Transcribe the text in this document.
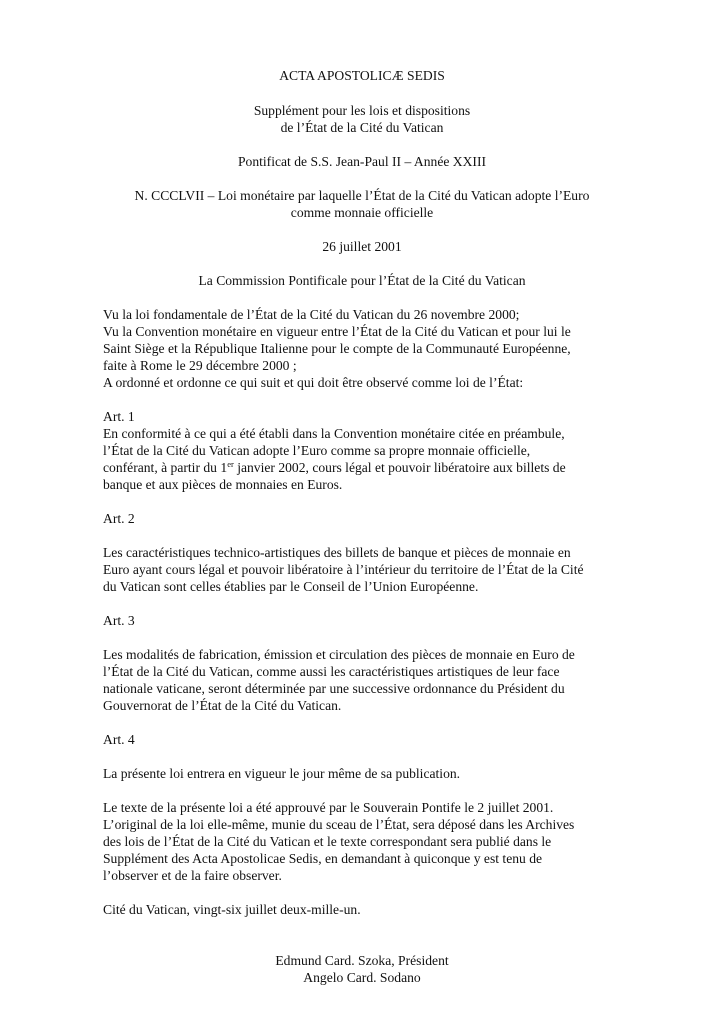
ACTA APOSTOLICÆ SEDIS
Supplément pour les lois et dispositions
de l’État de la Cité du Vatican
Pontificat de S.S. Jean-Paul II – Année XXIII
N. CCCLVII – Loi monétaire par laquelle l’État de la Cité du Vatican adopte l’Euro
comme monnaie officielle
26 juillet 2001
La Commission Pontificale pour l’État de la Cité du Vatican
Vu la loi fondamentale de l’État de la Cité du Vatican du 26 novembre 2000;
Vu la Convention monétaire en vigueur entre l’État de la Cité du Vatican et pour lui le
Saint Siège et la République Italienne pour le compte de la Communauté Européenne,
faite à Rome le 29 décembre 2000 ;
A ordonné et ordonne ce qui suit et qui doit être observé comme loi de l’État:
Art. 1
En conformité à ce qui a été établi dans la Convention monétaire citée en préambule,
l’État de la Cité du Vatican adopte l’Euro comme sa propre monnaie officielle,
conférant, à partir du 1er janvier 2002, cours légal et pouvoir libératoire aux billets de
banque et aux pièces de monnaies en Euros.
Art. 2
Les caractéristiques technico-artistiques des billets de banque et pièces de monnaie en
Euro ayant cours légal et pouvoir libératoire à l’intérieur du territoire de l’État de la Cité
du Vatican sont celles établies par le Conseil de l’Union Européenne.
Art. 3
Les modalités de fabrication, émission et circulation des pièces de monnaie en Euro de
l’État de la Cité du Vatican, comme aussi les caractéristiques artistiques de leur face
nationale vaticane, seront déterminée par une successive ordonnance du Président du
Gouvernorat de l’État de la Cité du Vatican.
Art. 4
La présente loi entrera en vigueur le jour même de sa publication.
Le texte de la présente loi a été approuvé par le Souverain Pontife le 2 juillet 2001.
L’original de la loi elle-même, munie du sceau de l’État, sera déposé dans les Archives
des lois de l’État de la Cité du Vatican et le texte correspondant sera publié dans le
Supplément des Acta Apostolicae Sedis, en demandant à quiconque y est tenu de
l’observer et de la faire observer.
Cité du Vatican, vingt-six juillet deux-mille-un.
Edmund Card. Szoka, Président
Angelo Card. Sodano
